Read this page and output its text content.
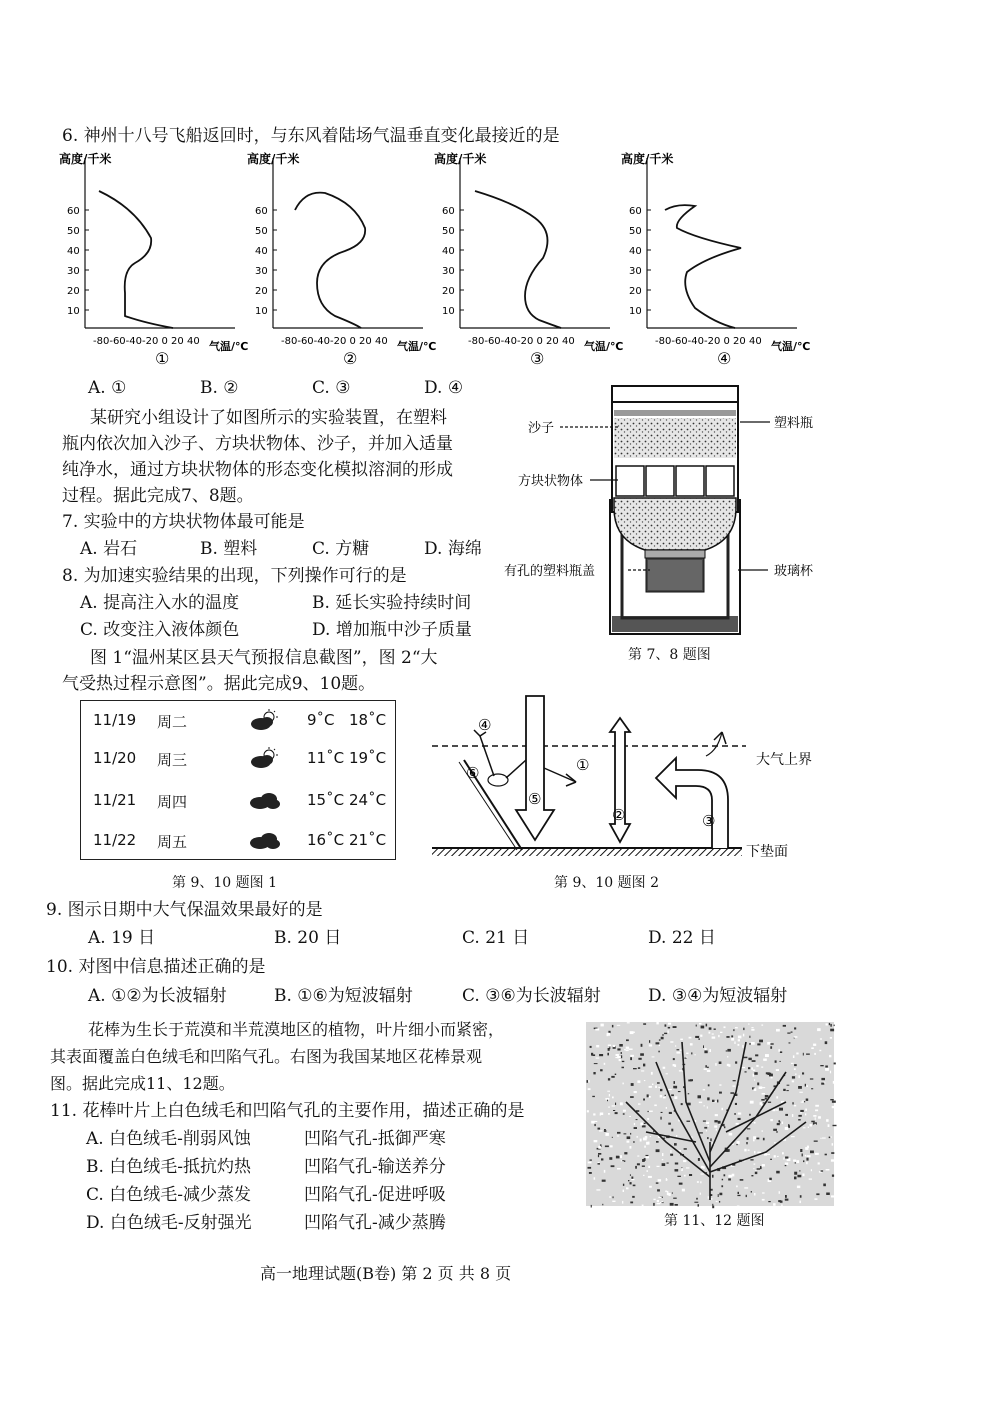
6. 神州十八号飞船返回时，与东风着陆场气温垂直变化最接近的是
高度/千米
60
50
40
30
20
10
-80-60-40-20 0 20 40 气温/℃
①
高度/千米
60
50
40
30
20
10
-80-60-40-20 0 20 40 气温/℃
②
高度/千米
60
50
40
30
20
10
-80-60-40-20 0 20 40 气温/℃
③
高度/千米
60
50
40
30
20
10
-80-60-40-20 0 20 40 气温/℃
④
A. ①	B. ②	C. ③	D. ④
某研究小组设计了如图所示的实验装置，在塑料
瓶内依次加入沙子、方块状物体、沙子，并加入适量
纯净水，通过方块状物体的形态变化模拟溶洞的形成
过程。据此完成7、8题。
7. 实验中的方块状物体最可能是
A. 岩石	B. 塑料	C. 方糖	D. 海绵
8. 为加速实验结果的出现，下列操作可行的是
A. 提高注入水的温度	B. 延长实验持续时间
C. 改变注入液体颜色	D. 增加瓶中沙子质量
沙子	塑料瓶
方块状物体
有孔的塑料瓶盖	玻璃杯
第 7、8 题图
图 1“温州某区县天气预报信息截图”，图 2“大
气受热过程示意图”。据此完成9、10题。
11/19 周二	9˚C 18˚C
11/20 周三	11˚C 19˚C
11/21 周四	15˚C 24˚C
11/22 周五	16˚C 21˚C
第 9、10 题图 1
大气上界
下垫面
④
①
②	③
⑤
⑥
第 9、10 题图 2
9. 图示日期中大气保温效果最好的是
A. 19 日	B. 20 日	C. 21 日	D. 22 日
10. 对图中信息描述正确的是
A. ①②为长波辐射	B. ①⑥为短波辐射	C. ③⑥为长波辐射	D. ③④为短波辐射
花棒为生长于荒漠和半荒漠地区的植物，叶片细小而紧密，
其表面覆盖白色绒毛和凹陷气孔。右图为我国某地区花棒景观
图。据此完成11、12题。
11. 花棒叶片上白色绒毛和凹陷气孔的主要作用，描述正确的是
A. 白色绒毛-削弱风蚀	凹陷气孔-抵御严寒
B. 白色绒毛-抵抗灼热	凹陷气孔-输送养分
C. 白色绒毛-减少蒸发	凹陷气孔-促进呼吸
D. 白色绒毛-反射强光	凹陷气孔-减少蒸腾	第 11、12 题图
高一地理试题(B卷) 第 2 页 共 8 页
